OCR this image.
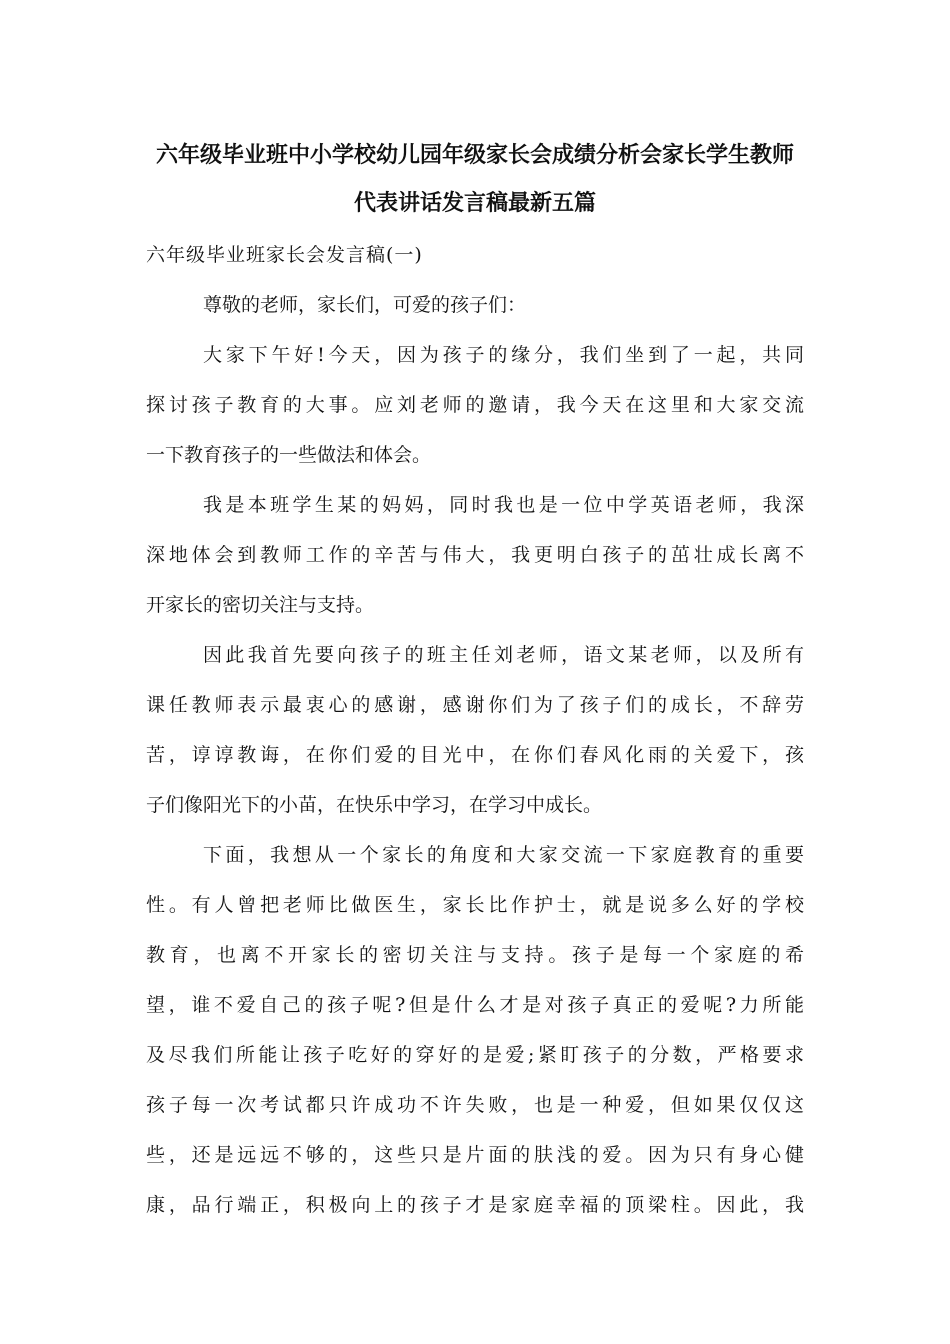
六年级毕业班中小学校幼儿园年级家长会成绩分析会家长学生教师
代表讲话发言稿最新五篇
六年级毕业班家长会发言稿(一)
尊敬的老师，家长们，可爱的孩子们：
大家下午好!今天，因为孩子的缘分，我们坐到了一起，共同
探讨孩子教育的大事。应刘老师的邀请，我今天在这里和大家交流
一下教育孩子的一些做法和体会。
我是本班学生某的妈妈，同时我也是一位中学英语老师，我深
深地体会到教师工作的辛苦与伟大，我更明白孩子的茁壮成长离不
开家长的密切关注与支持。
因此我首先要向孩子的班主任刘老师，语文某老师，以及所有
课任教师表示最衷心的感谢，感谢你们为了孩子们的成长，不辞劳
苦，谆谆教诲，在你们爱的目光中，在你们春风化雨的关爱下，孩
子们像阳光下的小苗，在快乐中学习，在学习中成长。
下面，我想从一个家长的角度和大家交流一下家庭教育的重要
性。有人曾把老师比做医生，家长比作护士，就是说多么好的学校
教育，也离不开家长的密切关注与支持。孩子是每一个家庭的希
望，谁不爱自己的孩子呢?但是什么才是对孩子真正的爱呢?力所能
及尽我们所能让孩子吃好的穿好的是爱;紧盯孩子的分数，严格要求
孩子每一次考试都只许成功不许失败，也是一种爱，但如果仅仅这
些，还是远远不够的，这些只是片面的肤浅的爱。因为只有身心健
康，品行端正，积极向上的孩子才是家庭幸福的顶梁柱。因此，我
